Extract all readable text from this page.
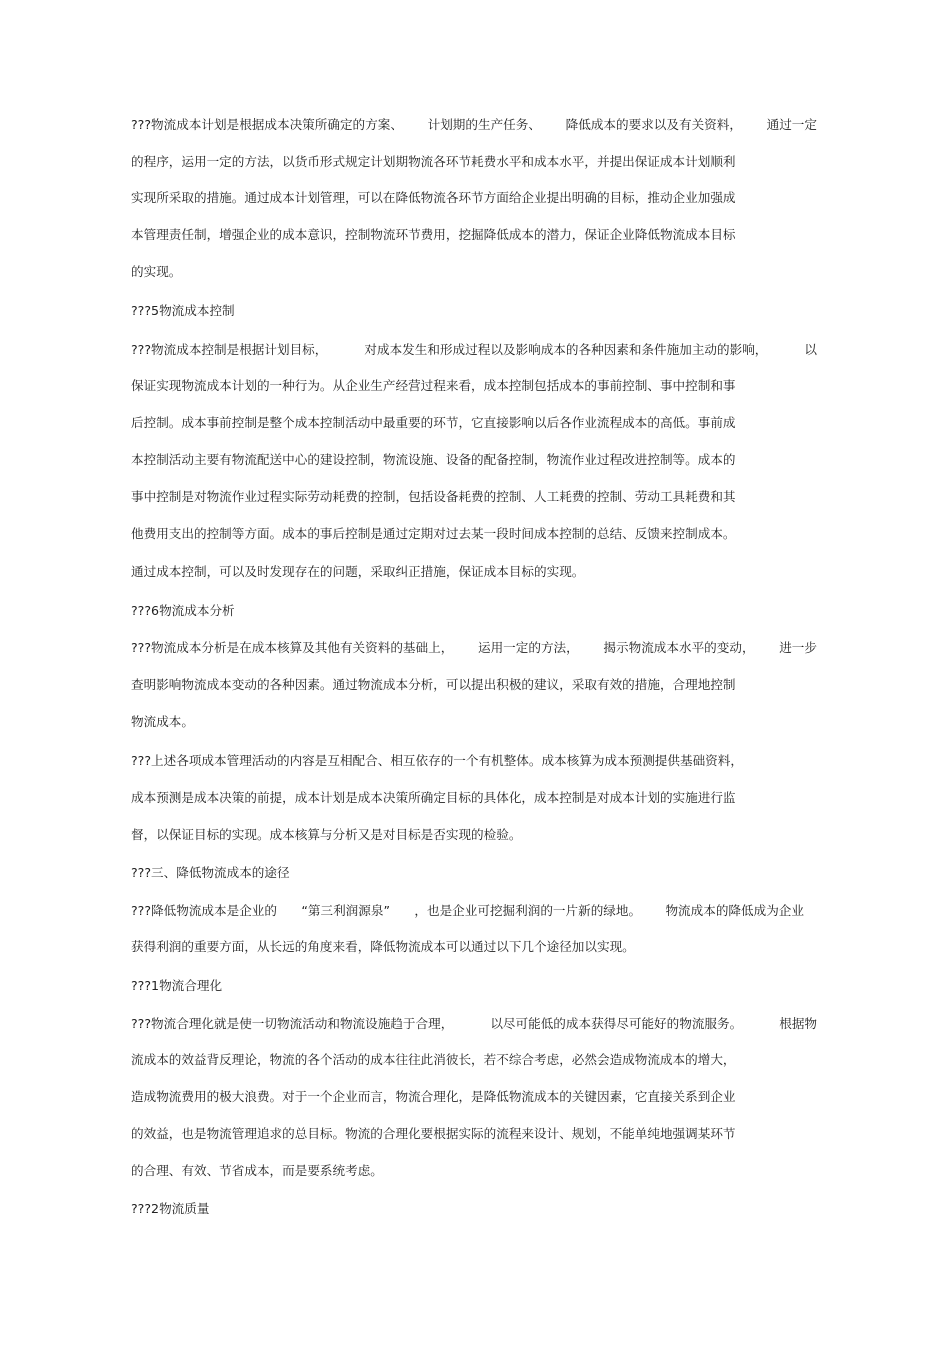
???物流成本计划是根据成本决策所确定的方案、 计划期的生产任务、 降低成本的要求以及有关资料， 通过一定
的程序，运用一定的方法，以货币形式规定计划期物流各环节耗费水平和成本水平，并提出保证成本计划顺利
实现所采取的措施。通过成本计划管理，可以在降低物流各环节方面给企业提出明确的目标，推动企业加强成
本管理责任制，增强企业的成本意识，控制物流环节费用，挖掘降低成本的潜力，保证企业降低物流成本目标
的实现。
???5物流成本控制
???物流成本控制是根据计划目标，	对成本发生和形成过程以及影响成本的各种因素和条件施加主动的影响，	以
保证实现物流成本计划的一种行为。从企业生产经营过程来看，成本控制包括成本的事前控制、事中控制和事
后控制。成本事前控制是整个成本控制活动中最重要的环节，它直接影响以后各作业流程成本的高低。事前成
本控制活动主要有物流配送中心的建设控制，物流设施、设备的配备控制，物流作业过程改进控制等。成本的
事中控制是对物流作业过程实际劳动耗费的控制，包括设备耗费的控制、人工耗费的控制、劳动工具耗费和其
他费用支出的控制等方面。成本的事后控制是通过定期对过去某一段时间成本控制的总结、反馈来控制成本。
通过成本控制，可以及时发现存在的问题，采取纠正措施，保证成本目标的实现。
???6物流成本分析
???物流成本分析是在成本核算及其他有关资料的基础上， 运用一定的方法， 揭示物流成本水平的变动， 进一步
查明影响物流成本变动的各种因素。通过物流成本分析，可以提出积极的建议，采取有效的措施，合理地控制
物流成本。
???上述各项成本管理活动的内容是互相配合、相互依存的一个有机整体。成本核算为成本预测提供基础资料，
成本预测是成本决策的前提，成本计划是成本决策所确定目标的具体化，成本控制是对成本计划的实施进行监
督，以保证目标的实现。成本核算与分析又是对目标是否实现的检验。
???三、降低物流成本的途径
???降低物流成本是企业的 “第三利润源泉” ，也是企业可挖掘利润的一片新的绿地。 物流成本的降低成为企业
获得利润的重要方面，从长远的角度来看，降低物流成本可以通过以下几个途径加以实现。
???1物流合理化
???物流合理化就是使一切物流活动和物流设施趋于合理，	以尽可能低的成本获得尽可能好的物流服务。	根据物
流成本的效益背反理论，物流的各个活动的成本往往此消彼长，若不综合考虑，必然会造成物流成本的增大，
造成物流费用的极大浪费。对于一个企业而言，物流合理化，是降低物流成本的关键因素，它直接关系到企业
的效益，也是物流管理追求的总目标。物流的合理化要根据实际的流程来设计、规划，不能单纯地强调某环节
的合理、有效、节省成本，而是要系统考虑。
???2物流质量
